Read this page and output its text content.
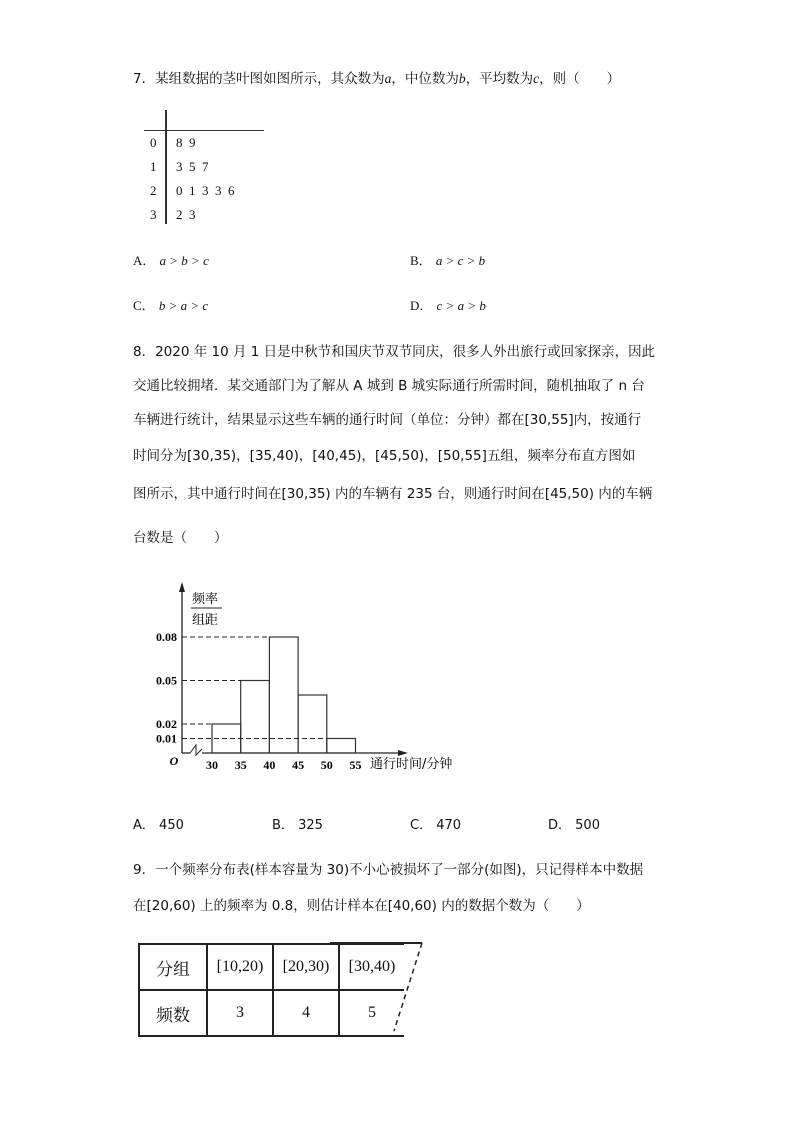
7．某组数据的茎叶图如图所示，其众数为a，中位数为b，平均数为c，则（　　）
0 8 9
1 3 5 7
2 0 1 3 3 6
3 2 3
A． a > b > c	B． a > c > b
C． b > a > c	D． c > a > b
8．2020 年 10 月 1 日是中秋节和国庆节双节同庆，很多人外出旅行或回家探亲，因此
交通比较拥堵．某交通部门为了解从 A 城到 B 城实际通行所需时间，随机抽取了 n 台
车辆进行统计，结果显示这些车辆的通行时间（单位：分钟）都在[30,55]内，按通行
时间分为[30,35)，[35,40)，[40,45)，[45,50)，[50,55]五组，频率分布直方图如
图所示，其中通行时间在[30,35) 内的车辆有 235 台，则通行时间在[45,50) 内的车辆
台数是（　　）
0.01
0.02
0.05
0.08
30 35 40 45 50 55
O	通行时间/分钟
频率
组距
A． 450	B． 325	C． 470	D． 500
9．一个频率分布表(样本容量为 30)不小心被损坏了一部分(如图)，只记得样本中数据
在[20,60) 上的频率为 0.8，则估计样本在[40,60) 内的数据个数为（　　）
分组	[10,20)	[20,30)	[30,40)
频数	3	4	5
